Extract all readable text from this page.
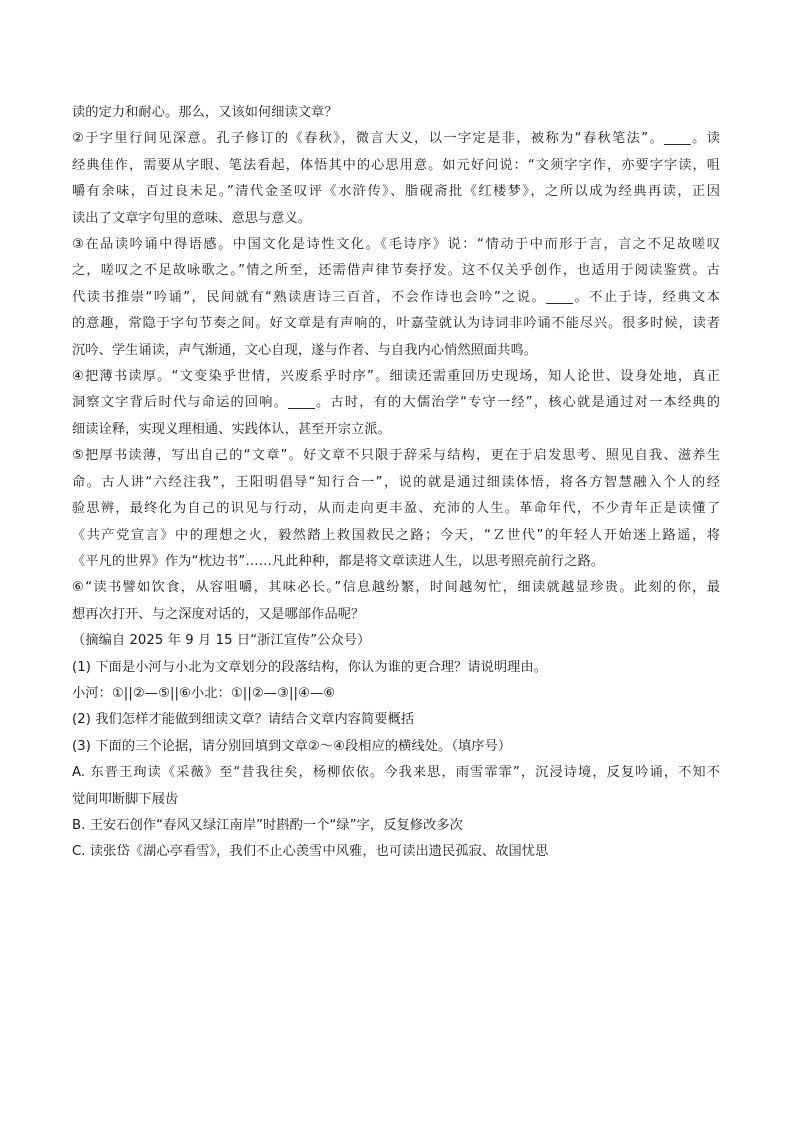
读的定力和耐心。那么，又该如何细读文章？
②于字里行间见深意。孔子修订的《春秋》，微言大义，以一字定是非，被称为“春秋笔法”。____。读
经典佳作，需要从字眼、笔法看起，体悟其中的心思用意。如元好问说：“文须字字作，亦要字字读，咀
嚼有余味，百过良未足。”清代金圣叹评《水浒传》、脂砚斋批《红楼梦》，之所以成为经典再读，正因
读出了文章字句里的意味、意思与意义。
③在品读吟诵中得语感。中国文化是诗性文化。《毛诗序》说：“情动于中而形于言，言之不足故嗟叹
之，嗟叹之不足故咏歌之。”情之所至，还需借声律节奏抒发。这不仅关乎创作，也适用于阅读鉴赏。古
代读书推崇“吟诵”，民间就有“熟读唐诗三百首，不会作诗也会吟”之说。____。不止于诗，经典文本
的意趣，常隐于字句节奏之间。好文章是有声响的，叶嘉莹就认为诗词非吟诵不能尽兴。很多时候，读者
沉吟、学生诵读，声气渐通，文心自现，遂与作者、与自我内心悄然照面共鸣。
④把薄书读厚。“文变染乎世情，兴废系乎时序”。细读还需重回历史现场，知人论世、设身处地，真正
洞察文字背后时代与命运的回响。____。古时，有的大儒治学“专守一经”，核心就是通过对一本经典的
细读诠释，实现义理相通、实践体认，甚至开宗立派。
⑤把厚书读薄，写出自己的“文章”。好文章不只限于辞采与结构，更在于启发思考、照见自我、滋养生
命。古人讲“六经注我”，王阳明倡导“知行合一”，说的就是通过细读体悟，将各方智慧融入个人的经
验思辨，最终化为自己的识见与行动，从而走向更丰盈、充沛的人生。革命年代，不少青年正是读懂了
《共产党宣言》中的理想之火，毅然踏上救国救民之路；今天，“Ｚ世代”的年轻人开始迷上路遥，将
《平凡的世界》作为“枕边书”……凡此种种，都是将文章读进人生，以思考照亮前行之路。
⑥“读书譬如饮食，从容咀嚼，其味必长。”信息越纷繁，时间越匆忙，细读就越显珍贵。此刻的你，最
想再次打开、与之深度对话的，又是哪部作品呢？
（摘编自 2025 年 9 月 15 日“浙江宣传”公众号）
(1) 下面是小河与小北为文章划分的段落结构，你认为谁的更合理？请说明理由。
小河：①||②—⑤||⑥小北：①||②—③||④—⑥
(2) 我们怎样才能做到细读文章？请结合文章内容简要概括
(3) 下面的三个论据，请分别回填到文章②～④段相应的横线处。（填序号）
A. 东晋王珣读《采薇》至“昔我往矣，杨柳依依。今我来思，雨雪霏霏”，沉浸诗境，反复吟诵，不知不
觉间叩断脚下屐齿
B. 王安石创作“春风又绿江南岸”时斟酌一个“绿”字，反复修改多次
C. 读张岱《湖心亭看雪》，我们不止心羡雪中风雅，也可读出遗民孤寂、故国忧思
